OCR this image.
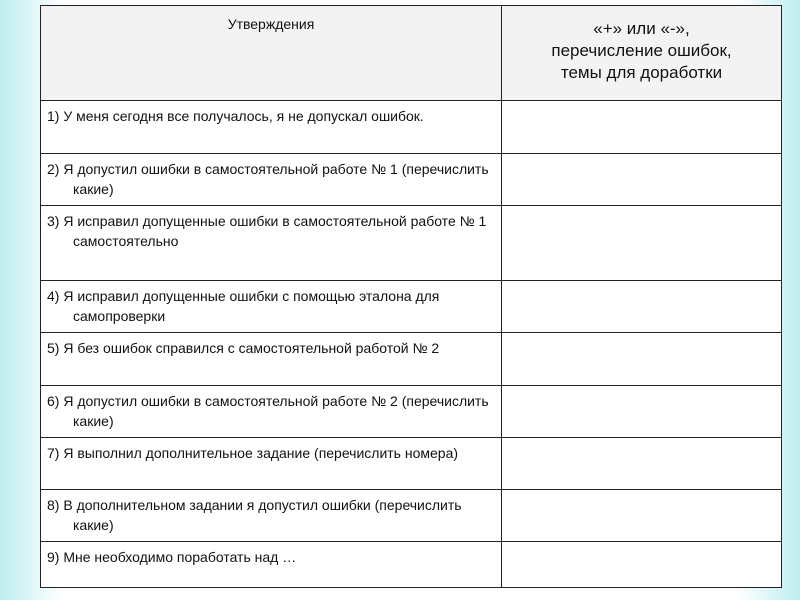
Утверждения	«+» или «-»,
перечисление ошибок,
темы для доработки

1) У меня сегодня все получалось, я не допускал ошибок.	

2) Я допустил ошибки в самостоятельной работе № 1 (перечислить какие)	

3) Я исправил допущенные ошибки в самостоятельной работе № 1 самостоятельно	

4) Я исправил допущенные ошибки с помощью эталона для самопроверки	

5) Я без ошибок справился с самостоятельной работой № 2	

6) Я допустил ошибки в самостоятельной работе № 2 (перечислить какие)	

7) Я выполнил дополнительное задание (перечислить номера)	

8) В дополнительном задании я допустил ошибки (перечислить какие)	

9) Мне необходимо поработать над …	
